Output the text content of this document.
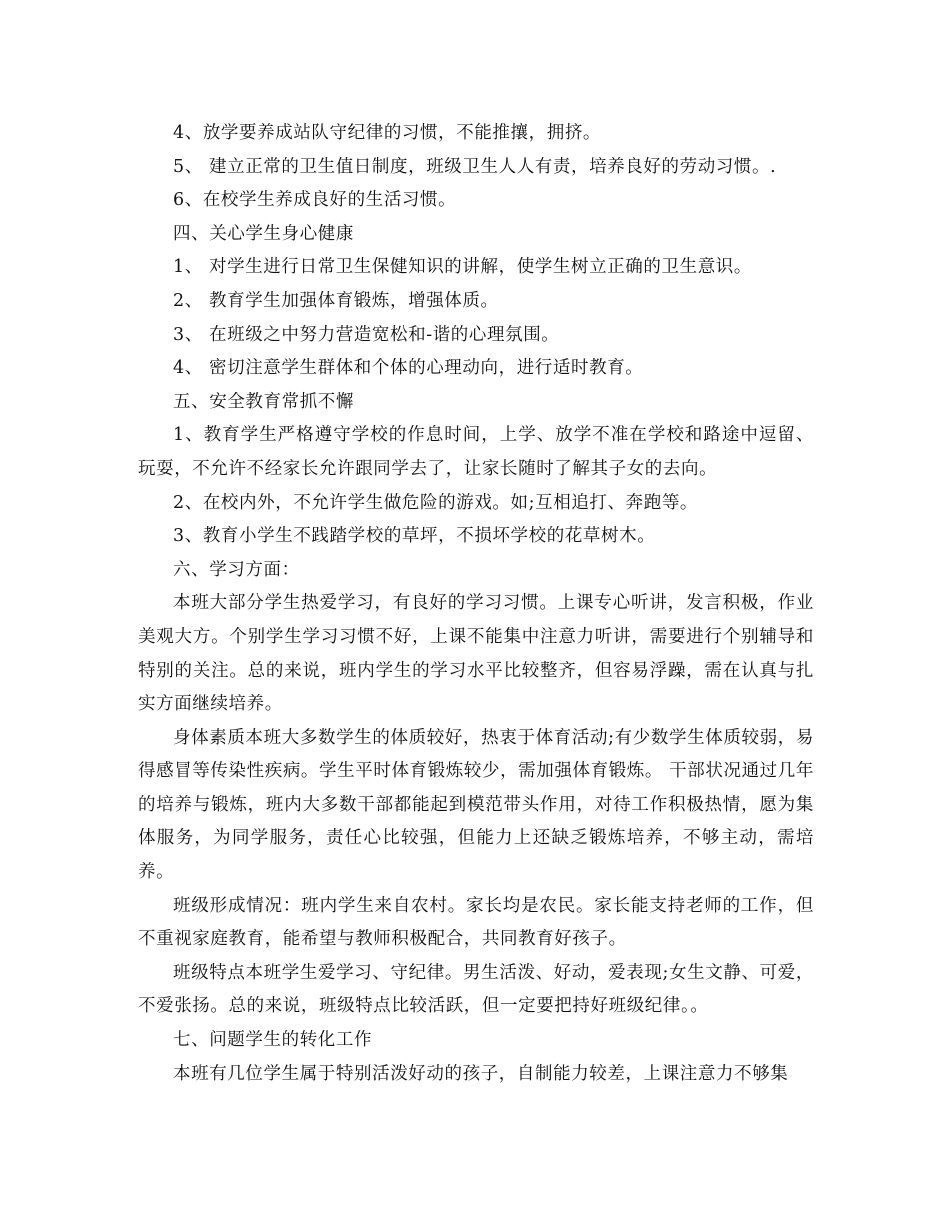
4、放学要养成站队守纪律的习惯，不能推攘，拥挤。

5、 建立正常的卫生值日制度，班级卫生人人有责，培养良好的劳动习惯。.

6、在校学生养成良好的生活习惯。

四、关心学生身心健康

1、 对学生进行日常卫生保健知识的讲解，使学生树立正确的卫生意识。

2、 教育学生加强体育锻炼，增强体质。

3、 在班级之中努力营造宽松和-谐的心理氛围。

4、 密切注意学生群体和个体的心理动向，进行适时教育。

五、安全教育常抓不懈

1、教育学生严格遵守学校的作息时间，上学、放学不准在学校和路途中逗留、玩耍，不允许不经家长允许跟同学去了，让家长随时了解其子女的去向。

2、在校内外，不允许学生做危险的游戏。如;互相追打、奔跑等。

3、教育小学生不践踏学校的草坪，不损坏学校的花草树木。

六、学习方面：

本班大部分学生热爱学习，有良好的学习习惯。上课专心听讲，发言积极，作业美观大方。个别学生学习习惯不好，上课不能集中注意力听讲，需要进行个别辅导和特别的关注。总的来说，班内学生的学习水平比较整齐，但容易浮躁，需在认真与扎实方面继续培养。

身体素质本班大多数学生的体质较好，热衷于体育活动;有少数学生体质较弱，易得感冒等传染性疾病。学生平时体育锻炼较少，需加强体育锻炼。 干部状况通过几年的培养与锻炼，班内大多数干部都能起到模范带头作用，对待工作积极热情，愿为集体服务，为同学服务，责任心比较强，但能力上还缺乏锻炼培养，不够主动，需培养。

班级形成情况：班内学生来自农村。家长均是农民。家长能支持老师的工作，但不重视家庭教育，能希望与教师积极配合，共同教育好孩子。

班级特点本班学生爱学习、守纪律。男生活泼、好动，爱表现;女生文静、可爱，不爱张扬。总的来说，班级特点比较活跃，但一定要把持好班级纪律。。

七、问题学生的转化工作

本班有几位学生属于特别活泼好动的孩子，自制能力较差，上课注意力不够集
